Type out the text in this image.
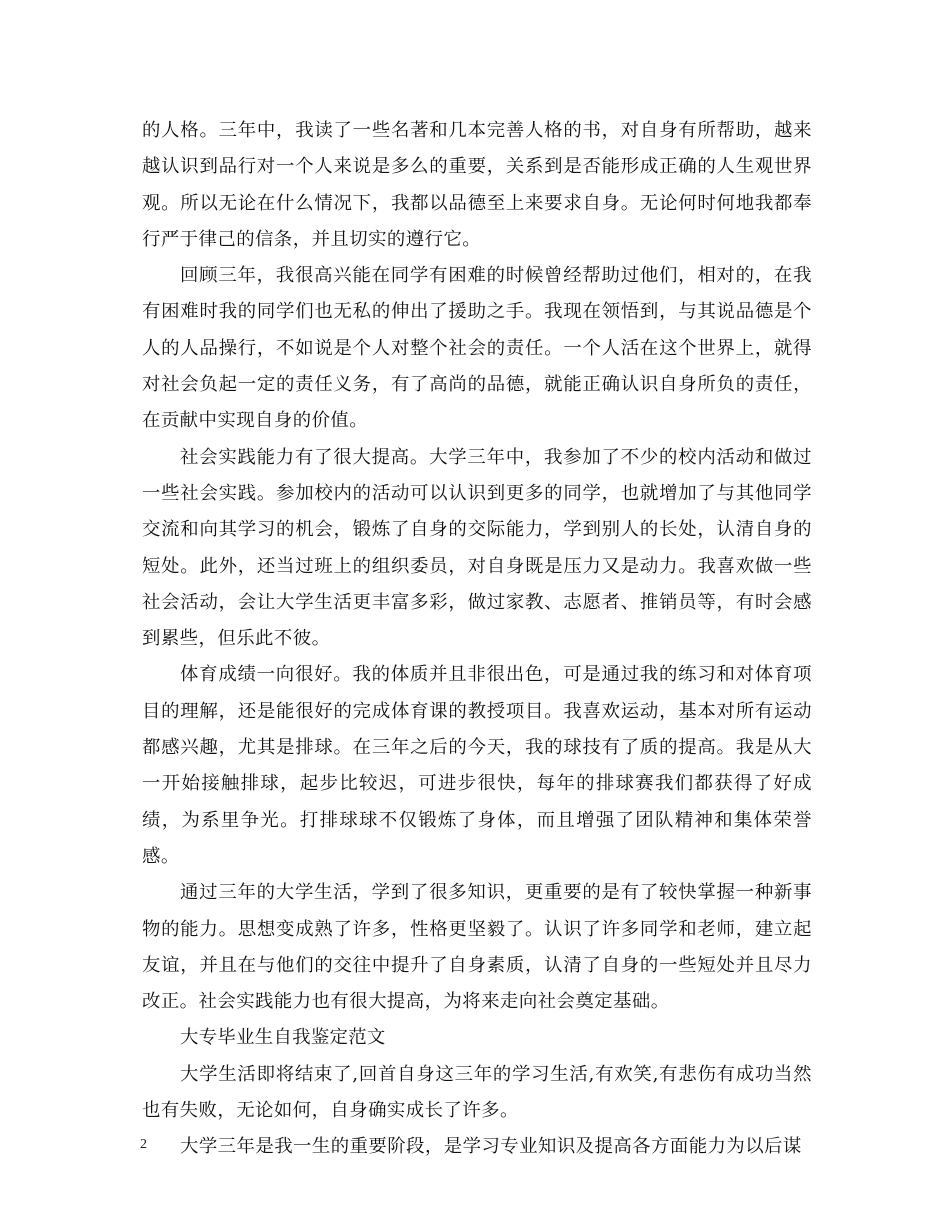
的人格。三年中，我读了一些名著和几本完善人格的书，对自身有所帮助，越来越认识到品行对一个人来说是多么的重要，关系到是否能形成正确的人生观世界观。所以无论在什么情况下，我都以品德至上来要求自身。无论何时何地我都奉行严于律己的信条，并且切实的遵行它。

回顾三年，我很高兴能在同学有困难的时候曾经帮助过他们，相对的，在我有困难时我的同学们也无私的伸出了援助之手。我现在领悟到，与其说品德是个人的人品操行，不如说是个人对整个社会的责任。一个人活在这个世界上，就得对社会负起一定的责任义务，有了高尚的品德，就能正确认识自身所负的责任，在贡献中实现自身的价值。

社会实践能力有了很大提高。大学三年中，我参加了不少的校内活动和做过一些社会实践。参加校内的活动可以认识到更多的同学，也就增加了与其他同学交流和向其学习的机会，锻炼了自身的交际能力，学到别人的长处，认清自身的短处。此外，还当过班上的组织委员，对自身既是压力又是动力。我喜欢做一些社会活动，会让大学生活更丰富多彩，做过家教、志愿者、推销员等，有时会感到累些，但乐此不彼。

体育成绩一向很好。我的体质并且非很出色，可是通过我的练习和对体育项目的理解，还是能很好的完成体育课的教授项目。我喜欢运动，基本对所有运动都感兴趣，尤其是排球。在三年之后的今天，我的球技有了质的提高。我是从大一开始接触排球，起步比较迟，可进步很快，每年的排球赛我们都获得了好成绩，为系里争光。打排球球不仅锻炼了身体，而且增强了团队精神和集体荣誉感。

通过三年的大学生活，学到了很多知识，更重要的是有了较快掌握一种新事物的能力。思想变成熟了许多，性格更坚毅了。认识了许多同学和老师，建立起友谊，并且在与他们的交往中提升了自身素质，认清了自身的一些短处并且尽力改正。社会实践能力也有很大提高，为将来走向社会奠定基础。

大专毕业生自我鉴定范文

大学生活即将结束了,回首自身这三年的学习生活,有欢笑,有悲伤有成功当然也有失败，无论如何，自身确实成长了许多。

大学三年是我一生的重要阶段，是学习专业知识及提高各方面能力为以后谋

2
